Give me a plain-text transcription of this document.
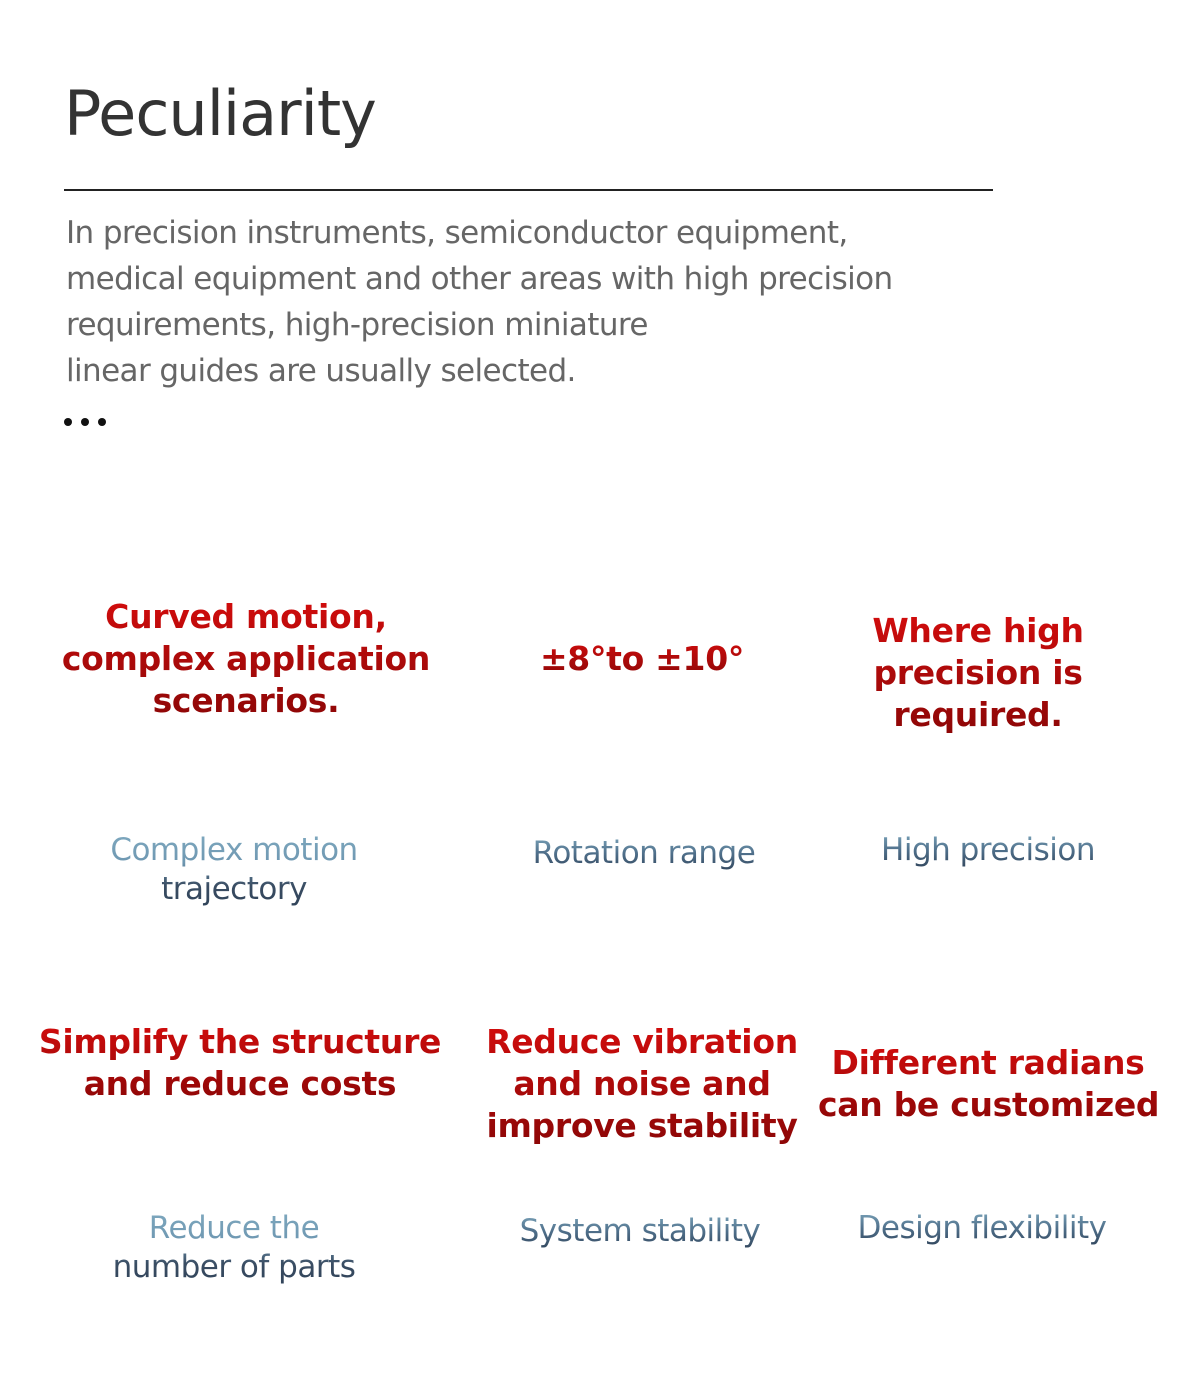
Peculiarity
In precision instruments, semiconductor equipment,
medical equipment and other areas with high precision
requirements, high-precision miniature
linear guides are usually selected.
Curved motion,
complex application
scenarios.
±8°to ±10°
Where high
precision is
required.
Complex motion
trajectory
Rotation range	High precision
Simplify the structure
and reduce costs
Reduce vibration
and noise and
improve stability
Different radians
can be customized
Reduce the
number of parts
System stability	Design flexibility
